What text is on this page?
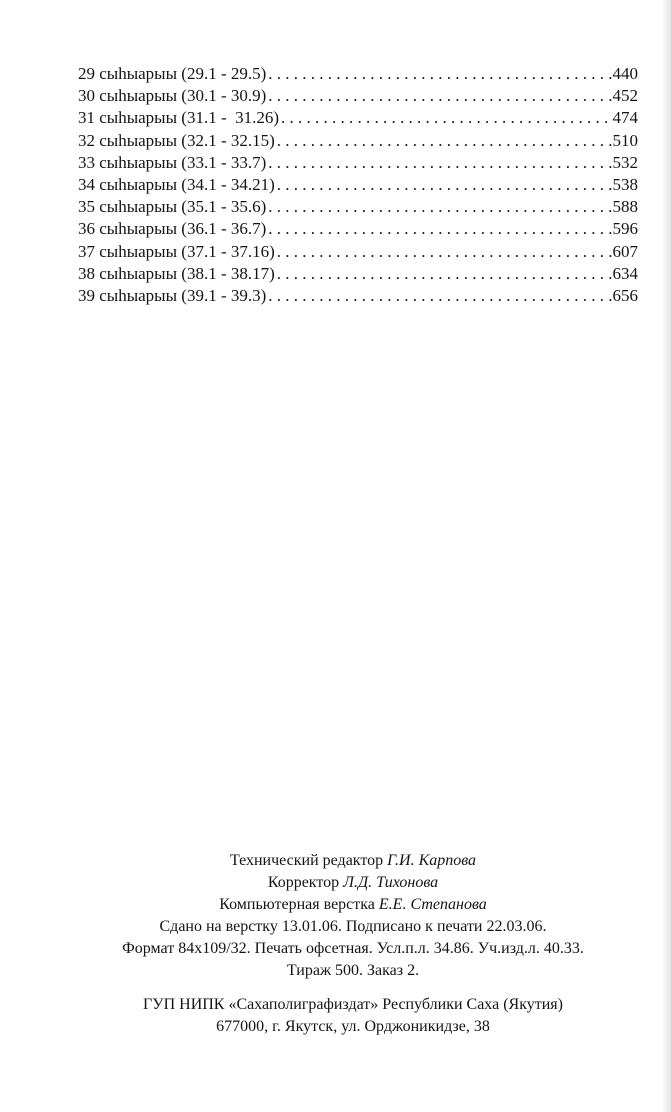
29 сыhыарыы (29.1 - 29.5) . . .	440
30 сыhыарыы (30.1 - 30.9) . . .	452
31 сыhыарыы (31.1 -  31.26) . . .	474
32 сыhыарыы (32.1 - 32.15) . . .	510
33 сыhыарыы (33.1 - 33.7) . . .	532
34 сыhыарыы (34.1 - 34.21) . . .	538
35 сыhыарыы (35.1 - 35.6) . . .	588
36 сыhыарыы (36.1 - 36.7) . . .	596
37 сыhыарыы (37.1 - 37.16) . . .	607
38 сыhыарыы (38.1 - 38.17) . . .	634
39 сыhыарыы (39.1 - 39.3) . . .	656
Технический редактор Г.И. Карпова
Корректор Л.Д. Тихонова
Компьютерная верстка Е.Е. Степанова
Сдано на верстку 13.01.06. Подписано к печати 22.03.06.
Формат 84х109/32. Печать офсетная. Усл.п.л. 34.86. Уч.изд.л. 40.33.
Тираж 500. Заказ 2.
ГУП НИПК «Сахаполиграфиздат» Республики Саха (Якутия)
677000, г. Якутск, ул. Орджоникидзе, 38
